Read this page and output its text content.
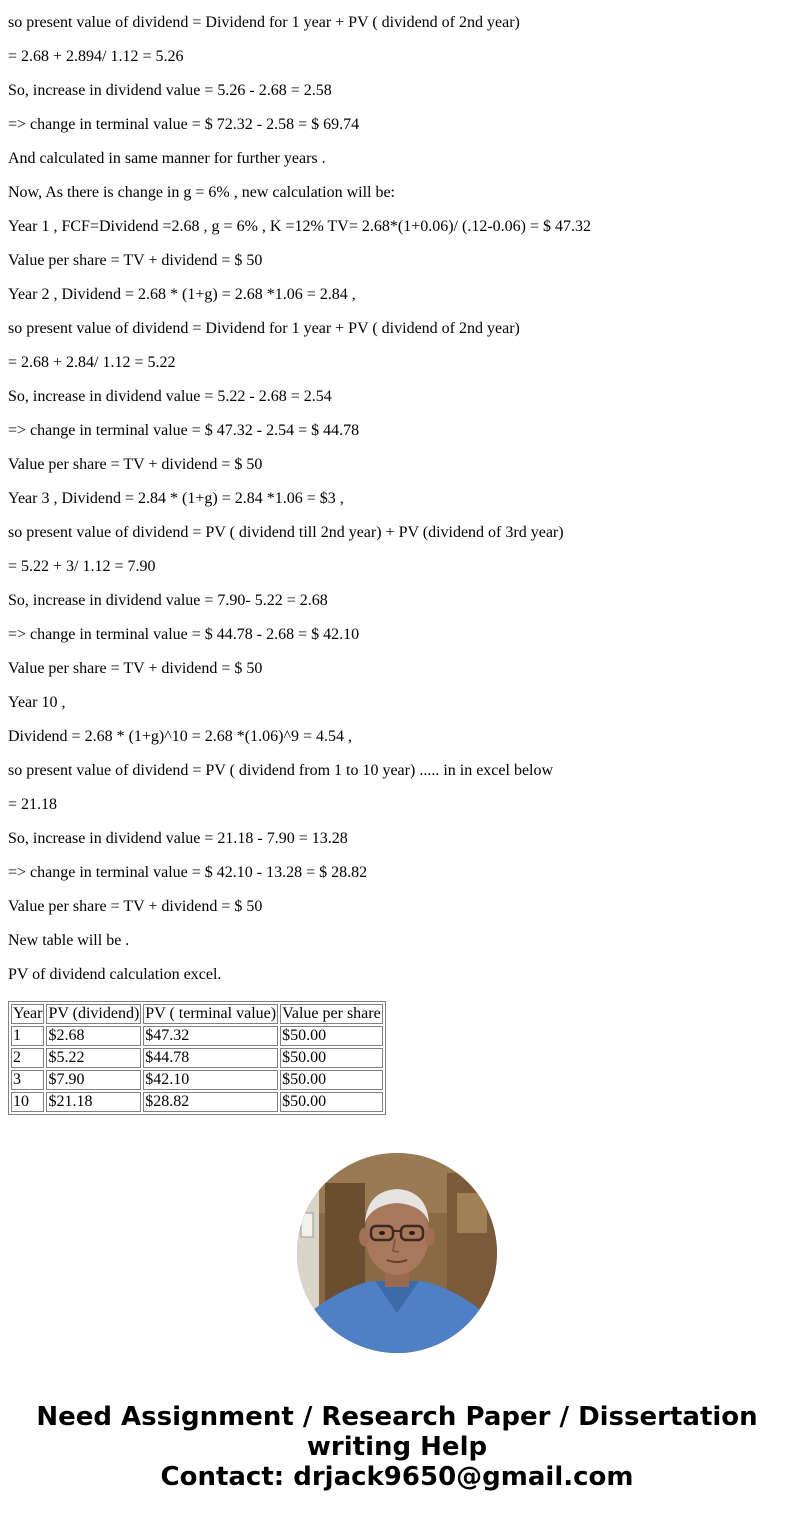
so present value of dividend = Dividend for 1 year + PV ( dividend of 2nd year)

= 2.68 + 2.894/ 1.12 = 5.26

So, increase in dividend value = 5.26 - 2.68 = 2.58

=> change in terminal value = $ 72.32 - 2.58 = $ 69.74

And calculated in same manner for further years .

Now, As there is change in g = 6% , new calculation will be:

Year 1 , FCF=Dividend =2.68 , g = 6% , K =12% TV= 2.68*(1+0.06)/ (.12-0.06) = $ 47.32

Value per share = TV + dividend = $ 50

Year 2 , Dividend = 2.68 * (1+g) = 2.68 *1.06 = 2.84 ,

so present value of dividend = Dividend for 1 year + PV ( dividend of 2nd year)

= 2.68 + 2.84/ 1.12 = 5.22

So, increase in dividend value = 5.22 - 2.68 = 2.54

=> change in terminal value = $ 47.32 - 2.54 = $ 44.78

Value per share = TV + dividend = $ 50

Year 3 , Dividend = 2.84 * (1+g) = 2.84 *1.06 = $3 ,

so present value of dividend = PV ( dividend till 2nd year) + PV (dividend of 3rd year)

= 5.22 + 3/ 1.12 = 7.90

So, increase in dividend value = 7.90- 5.22 = 2.68

=> change in terminal value = $ 44.78 - 2.68 = $ 42.10

Value per share = TV + dividend = $ 50

Year 10 ,

Dividend = 2.68 * (1+g)^10 = 2.68 *(1.06)^9 = 4.54 ,

so present value of dividend = PV ( dividend from 1 to 10 year) ..... in in excel below

= 21.18

So, increase in dividend value = 21.18 - 7.90 = 13.28

=> change in terminal value = $ 42.10 - 13.28 = $ 28.82

Value per share = TV + dividend = $ 50

New table will be .

PV of dividend calculation excel.

Year	PV (dividend)	PV ( terminal value)	Value per share
1	$2.68	$47.32	$50.00
2	$5.22	$44.78	$50.00
3	$7.90	$42.10	$50.00
10	$21.18	$28.82	$50.00
Need Assignment / Research Paper / Dissertation
writing Help
Contact: drjack9650@gmail.com
